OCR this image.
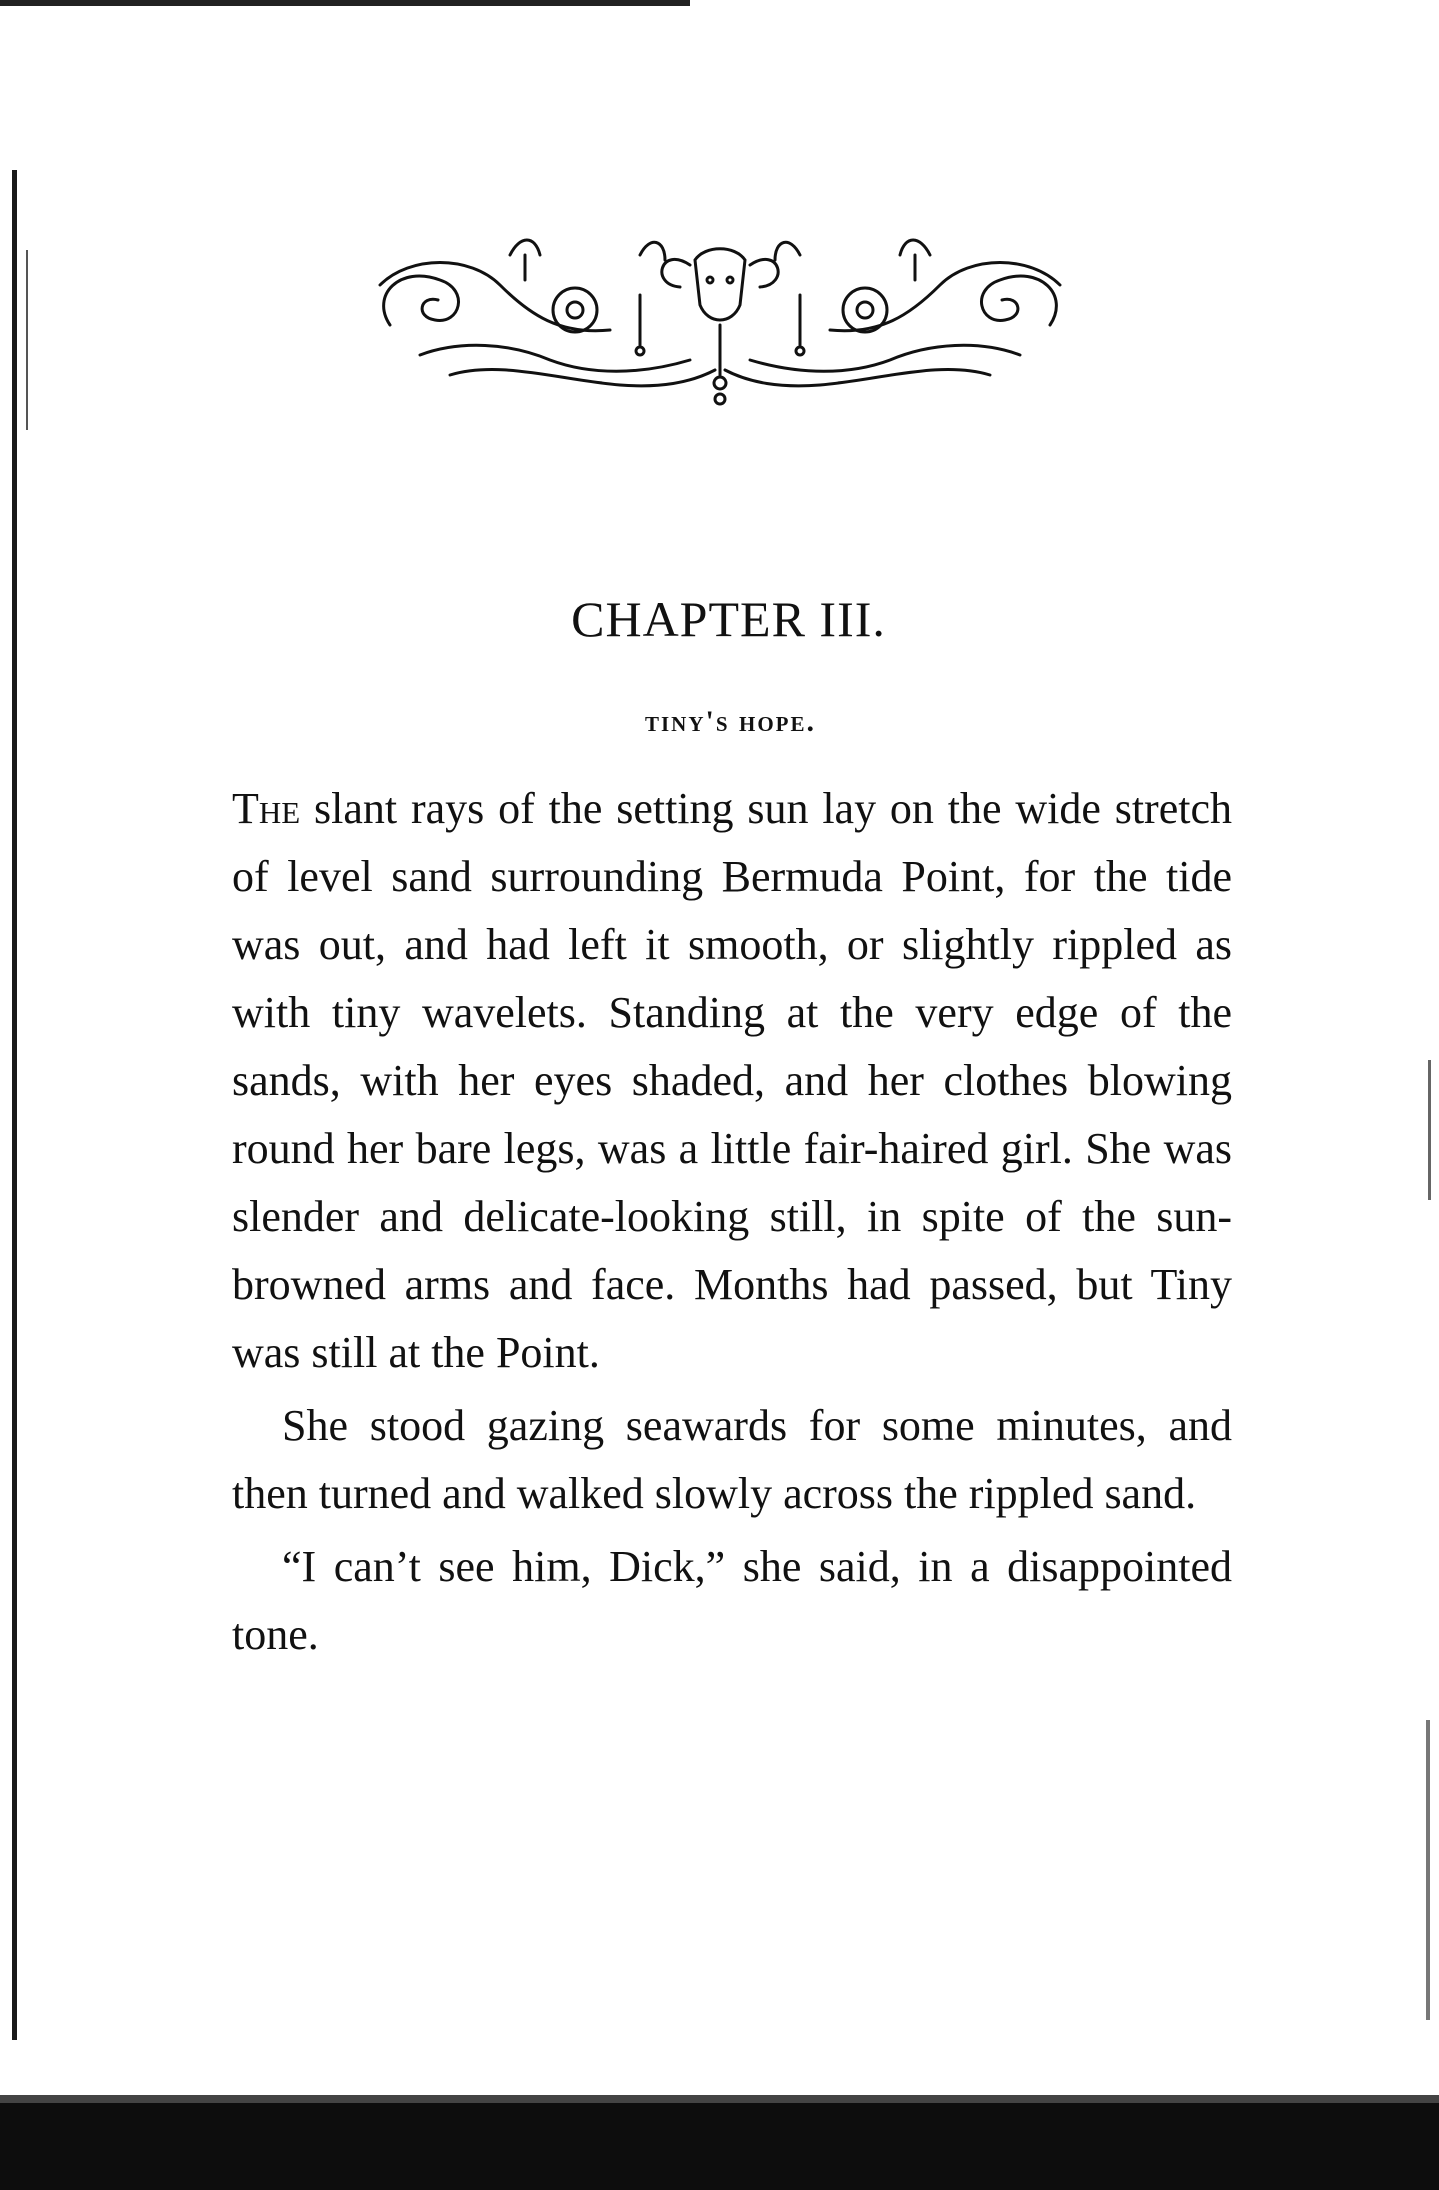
CHAPTER III.
tiny's hope.

The slant rays of the setting sun lay on the wide stretch of level sand surrounding Bermuda Point, for the tide was out, and had left it smooth, or slightly rippled as with tiny wavelets. Standing at the very edge of the sands, with her eyes shaded, and her clothes blowing round her bare legs, was a little fair-haired girl. She was slender and delicate-looking still, in spite of the sun-browned arms and face. Months had passed, but Tiny was still at the Point.

She stood gazing seawards for some minutes, and then turned and walked slowly across the rippled sand.

“I can’t see him, Dick,” she said, in a disappointed tone.
